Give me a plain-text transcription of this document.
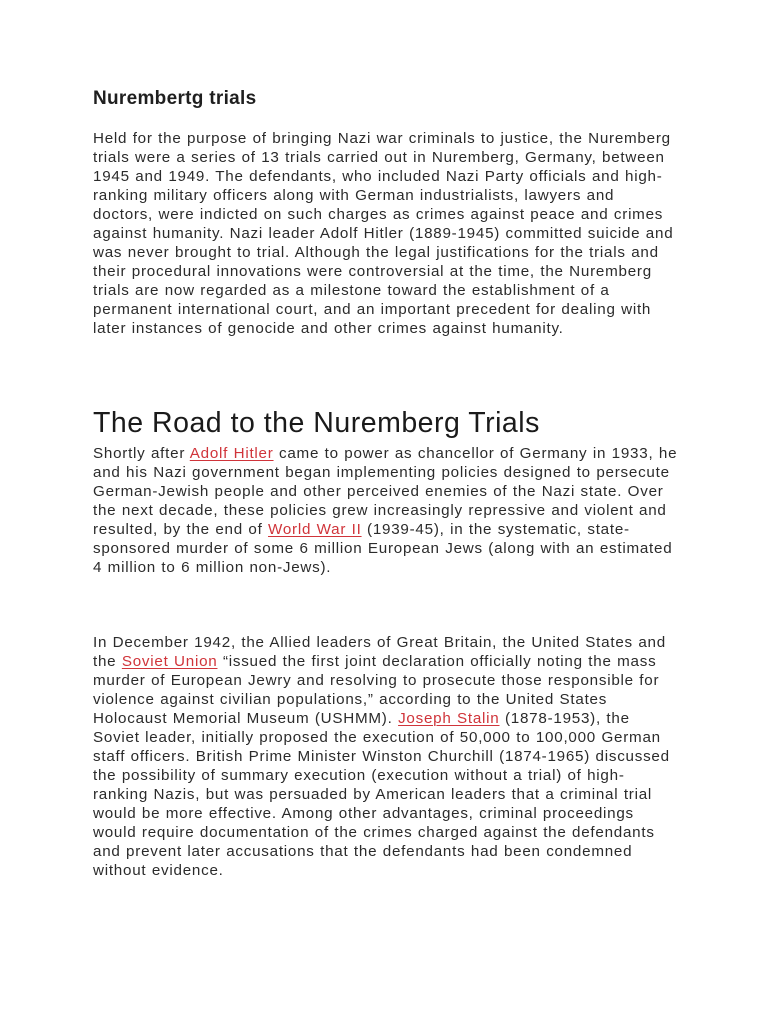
Nurembertg trials

Held for the purpose of bringing Nazi war criminals to justice, the Nuremberg trials were a series of 13 trials carried out in Nuremberg, Germany, between 1945 and 1949. The defendants, who included Nazi Party officials and high-ranking military officers along with German industrialists, lawyers and doctors, were indicted on such charges as crimes against peace and crimes against humanity. Nazi leader Adolf Hitler (1889-1945) committed suicide and was never brought to trial. Although the legal justifications for the trials and their procedural innovations were controversial at the time, the Nuremberg trials are now regarded as a milestone toward the establishment of a permanent international court, and an important precedent for dealing with later instances of genocide and other crimes against humanity.

The Road to the Nuremberg Trials

Shortly after Adolf Hitler came to power as chancellor of Germany in 1933, he and his Nazi government began implementing policies designed to persecute German-Jewish people and other perceived enemies of the Nazi state. Over the next decade, these policies grew increasingly repressive and violent and resulted, by the end of World War II (1939-45), in the systematic, state-sponsored murder of some 6 million European Jews (along with an estimated 4 million to 6 million non-Jews).

In December 1942, the Allied leaders of Great Britain, the United States and the Soviet Union “issued the first joint declaration officially noting the mass murder of European Jewry and resolving to prosecute those responsible for violence against civilian populations,” according to the United States Holocaust Memorial Museum (USHMM). Joseph Stalin (1878-1953), the Soviet leader, initially proposed the execution of 50,000 to 100,000 German staff officers. British Prime Minister Winston Churchill (1874-1965) discussed the possibility of summary execution (execution without a trial) of high-ranking Nazis, but was persuaded by American leaders that a criminal trial would be more effective. Among other advantages, criminal proceedings would require documentation of the crimes charged against the defendants and prevent later accusations that the defendants had been condemned without evidence.
